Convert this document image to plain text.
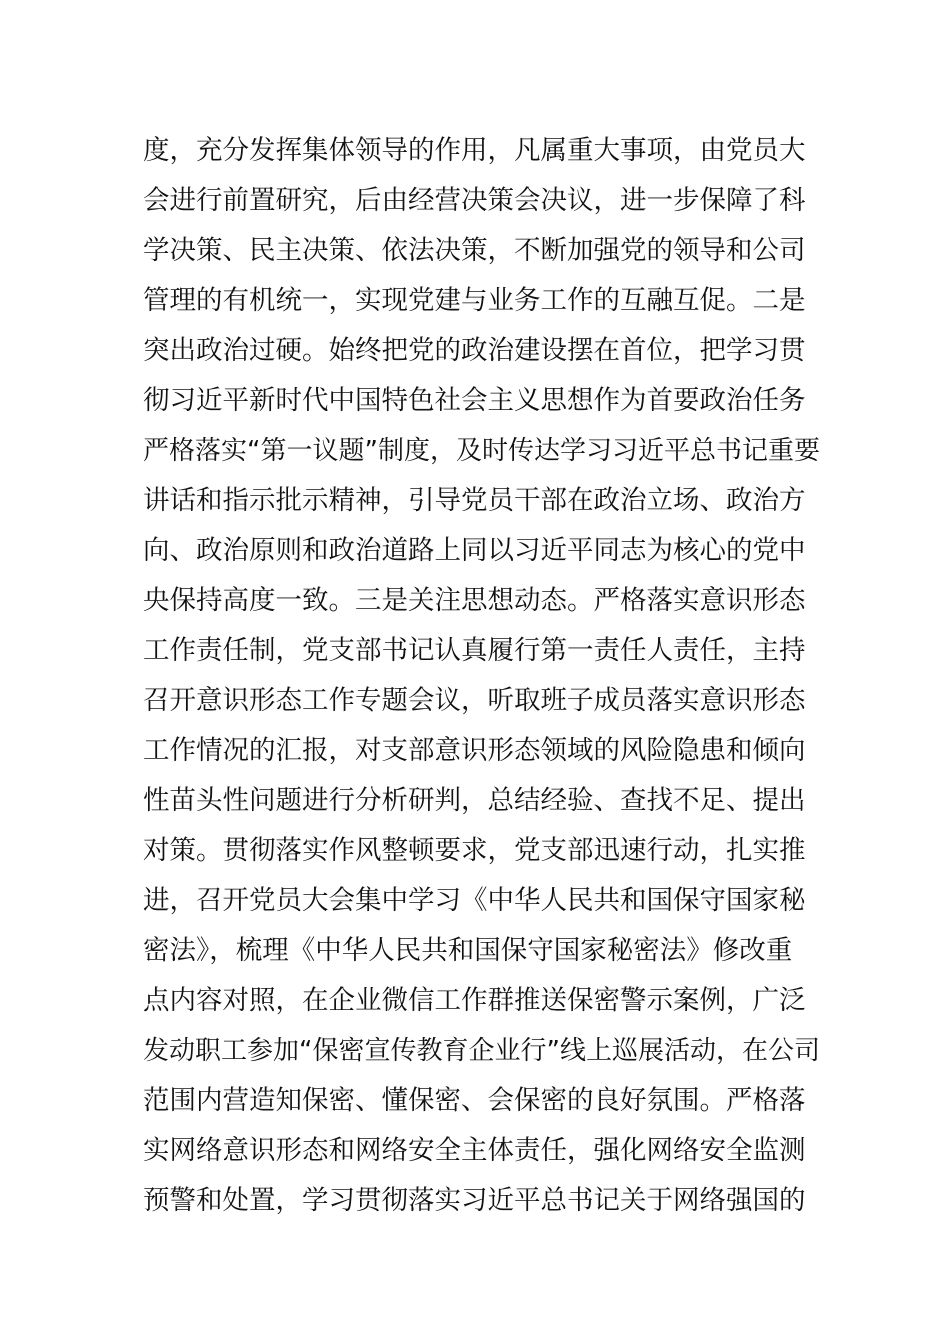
度，充分发挥集体领导的作用，凡属重大事项，由党员大
会进行前置研究，后由经营决策会决议，进一步保障了科
学决策、民主决策、依法决策，不断加强党的领导和公司
管理的有机统一，实现党建与业务工作的互融互促。二是
突出政治过硬。始终把党的政治建设摆在首位，把学习贯
彻习近平新时代中国特色社会主义思想作为首要政治任务
严格落实“第一议题”制度，及时传达学习习近平总书记重要
讲话和指示批示精神，引导党员干部在政治立场、政治方
向、政治原则和政治道路上同以习近平同志为核心的党中
央保持高度一致。三是关注思想动态。严格落实意识形态
工作责任制，党支部书记认真履行第一责任人责任，主持
召开意识形态工作专题会议，听取班子成员落实意识形态
工作情况的汇报，对支部意识形态领域的风险隐患和倾向
性苗头性问题进行分析研判，总结经验、查找不足、提出
对策。贯彻落实作风整顿要求，党支部迅速行动，扎实推
进，召开党员大会集中学习《中华人民共和国保守国家秘
密法》，梳理《中华人民共和国保守国家秘密法》修改重
点内容对照，在企业微信工作群推送保密警示案例，广泛
发动职工参加“保密宣传教育企业行”线上巡展活动，在公司
范围内营造知保密、懂保密、会保密的良好氛围。严格落
实网络意识形态和网络安全主体责任，强化网络安全监测
预警和处置，学习贯彻落实习近平总书记关于网络强国的
